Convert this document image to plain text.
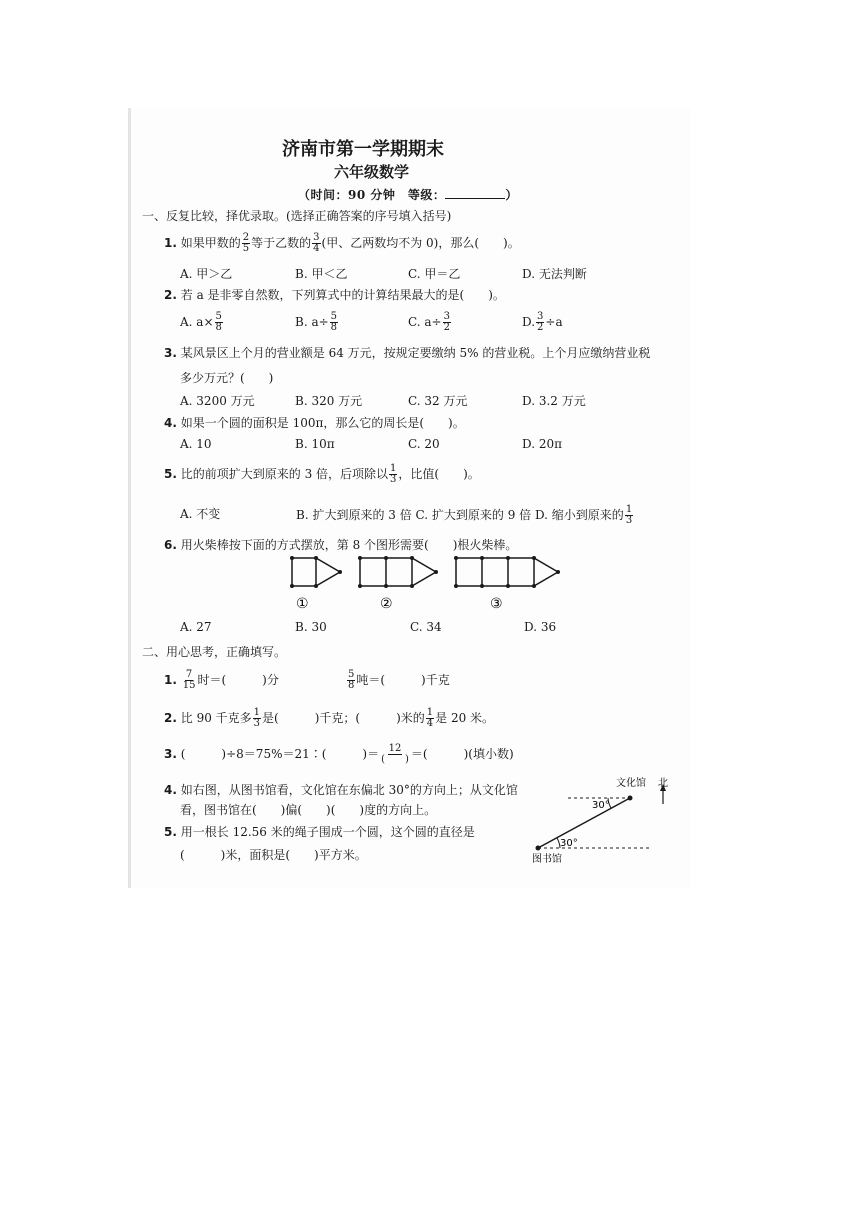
济南市第一学期期末
六年级数学
（时间：90 分钟　等级：	）
一、反复比较，择优录取。(选择正确答案的序号填入括号)
1. 如果甲数的 $\frac{2}{5}$ 等于乙数的 $\frac{3}{4}$ (甲、乙两数均不为 0)，那么(　　)。
A. 甲＞乙	B. 甲＜乙	C. 甲＝乙	D. 无法判断
2. 若 a 是非零自然数，下列算式中的计算结果最大的是(　　)。
A. $a\times \frac{5}{8}$	B. $a\div \frac{5}{8}$	C. $a\div \frac{3}{2}$	D. $\frac{3}{2} \div a$
3. 某风景区上个月的营业额是 64 万元，按规定要缴纳 5% 的营业税。上个月应缴纳营业税
多少万元？(　　)
A. 3200 万元	B. 320 万元	C. 32 万元	D. 3.2 万元
4. 如果一个圆的面积是 100π，那么它的周长是(　　)。
A. 10	B. 10π	C. 20	D. 20π
5. 比的前项扩大到原来的 3 倍，后项除以 $\frac{1}{3}$ ，比值(　　)。
A. 不变	B. 扩大到原来的 3 倍 C. 扩大到原来的 9 倍 D. 缩小到原来的 $\frac{1}{3}$
6. 用火柴棒按下面的方式摆放，第 8 个图形需要(　　)根火柴棒。
①	②	③
A. 27	B. 30	C. 34	D. 36
二、用心思考，正确填写。
1. $\frac{7}{15}$ 时＝(　　　)分	$\frac{5}{8}$ 吨＝(　　　)千克
2. 比 90 千克多 $\frac{1}{3}$ 是(　　　)千克；(　　　)米的 $\frac{1}{4}$ 是 20 米。
3. (　　　)÷8＝75%＝21∶(　　　)＝ $\frac{12}{( )}$ ＝(　　　)(填小数)
4. 如右图，从图书馆看，文化馆在东偏北 30°的方向上；从文化馆
看，图书馆在(　　)偏(　　)(　　)度的方向上。
5. 用一根长 12.56 米的绳子围成一个圆，这个圆的直径是
(　　　)米，面积是(　　)平方米。
文化馆 北
30°
30°
图书馆
